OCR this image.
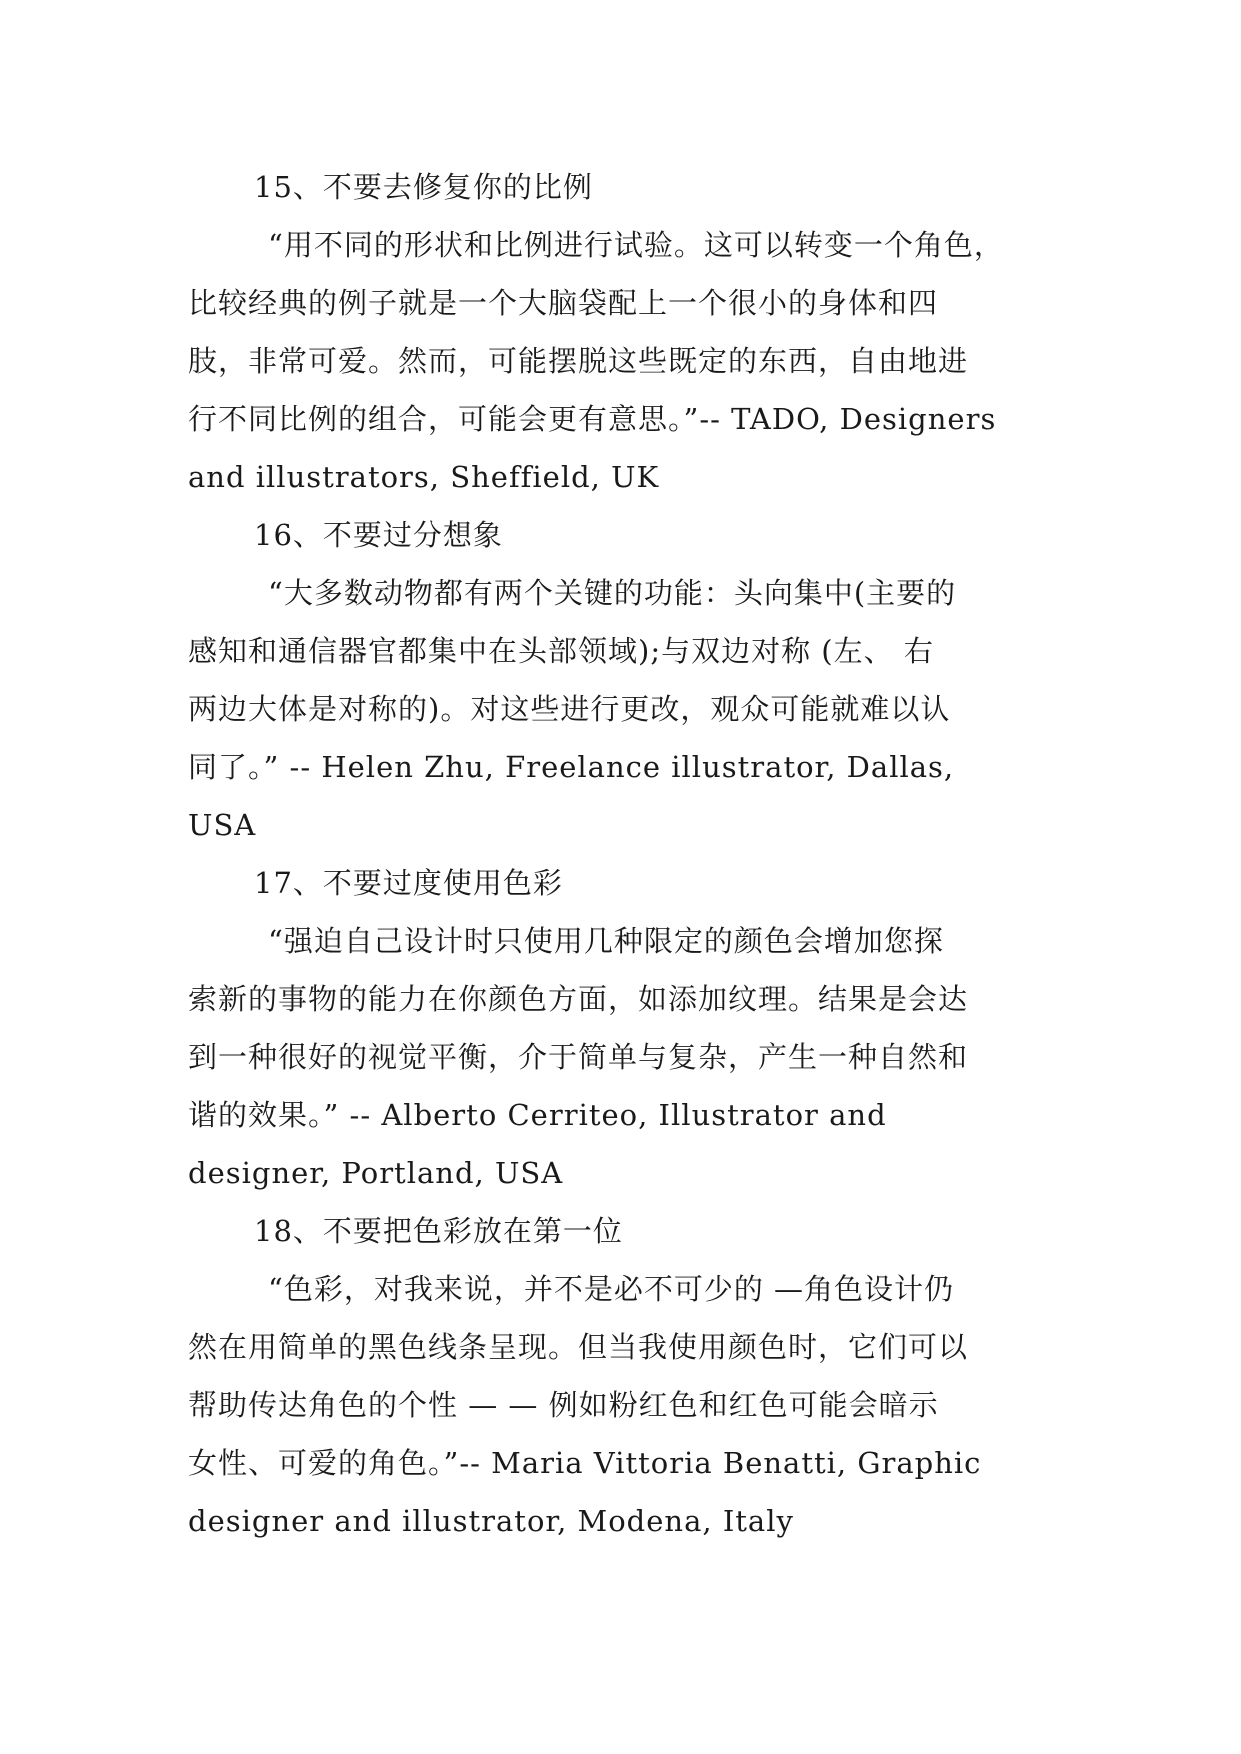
15、不要去修复你的比例
“用不同的形状和比例进行试验。这可以转变一个角色，
比较经典的例子就是一个大脑袋配上一个很小的身体和四
肢，非常可爱。然而，可能摆脱这些既定的东西，自由地进
行不同比例的组合，可能会更有意思。”-- TADO, Designers
and illustrators, Sheffield, UK
16、不要过分想象
“大多数动物都有两个关键的功能：头向集中(主要的
感知和通信器官都集中在头部领域);与双边对称 (左、 右
两边大体是对称的)。对这些进行更改，观众可能就难以认
同了。” -- Helen Zhu, Freelance illustrator, Dallas,
USA
17、不要过度使用色彩
“强迫自己设计时只使用几种限定的颜色会增加您探
索新的事物的能力在你颜色方面，如添加纹理。结果是会达
到一种很好的视觉平衡，介于简单与复杂，产生一种自然和
谐的效果。” -- Alberto Cerriteo, Illustrator and
designer, Portland, USA
18、不要把色彩放在第一位
“色彩，对我来说，并不是必不可少的 —角色设计仍
然在用简单的黑色线条呈现。但当我使用颜色时，它们可以
帮助传达角色的个性 — — 例如粉红色和红色可能会暗示
女性、可爱的角色。”-- Maria Vittoria Benatti, Graphic
designer and illustrator, Modena, Italy
